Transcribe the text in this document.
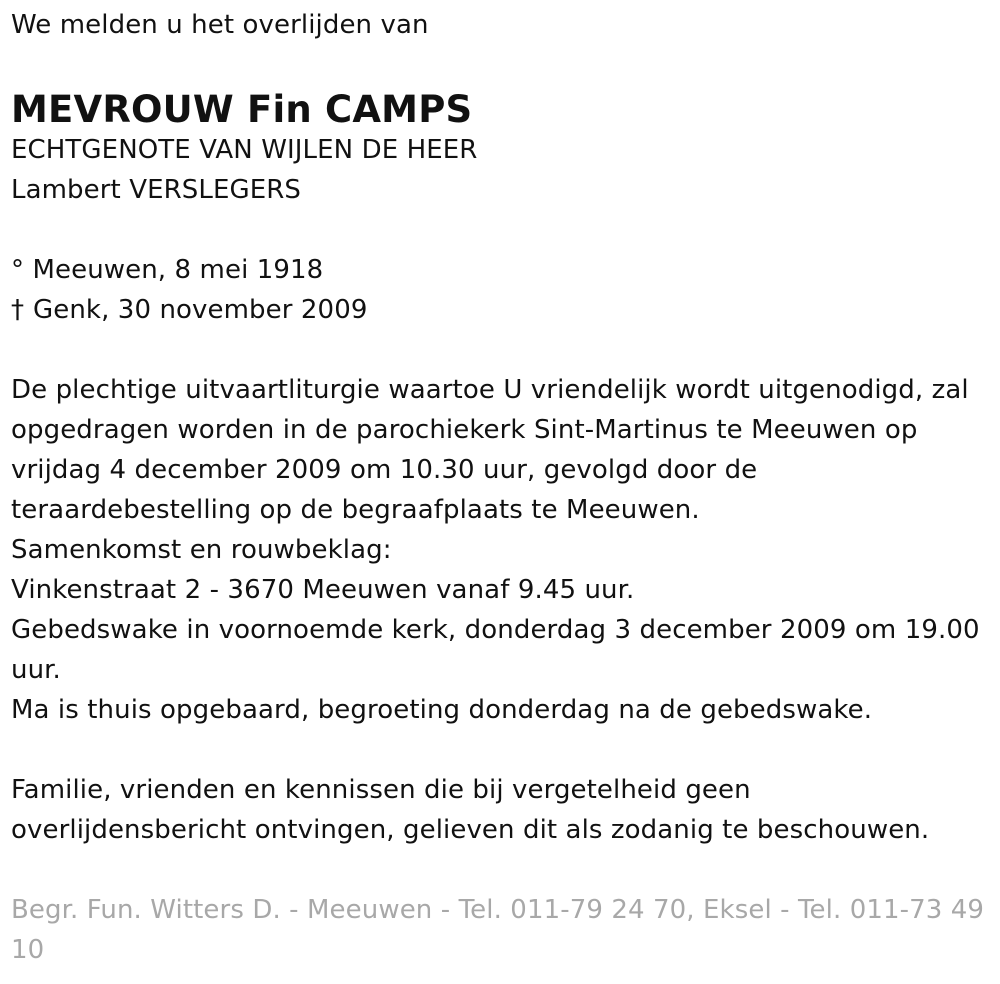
We melden u het overlijden van
MEVROUW Fin CAMPS
ECHTGENOTE VAN WIJLEN DE HEER
Lambert VERSLEGERS
° Meeuwen, 8 mei 1918
† Genk, 30 november 2009
De plechtige uitvaartliturgie waartoe U vriendelijk wordt uitgenodigd, zal
opgedragen worden in de parochiekerk Sint-Martinus te Meeuwen op
vrijdag 4 december 2009 om 10.30 uur, gevolgd door de
teraardebestelling op de begraafplaats te Meeuwen.
Samenkomst en rouwbeklag:
Vinkenstraat 2 - 3670 Meeuwen vanaf 9.45 uur.
Gebedswake in voornoemde kerk, donderdag 3 december 2009 om 19.00
uur.
Ma is thuis opgebaard, begroeting donderdag na de gebedswake.
Familie, vrienden en kennissen die bij vergetelheid geen
overlijdensbericht ontvingen, gelieven dit als zodanig te beschouwen.
Begr. Fun. Witters D. - Meeuwen - Tel. 011-79 24 70, Eksel - Tel. 011-73 49
10
